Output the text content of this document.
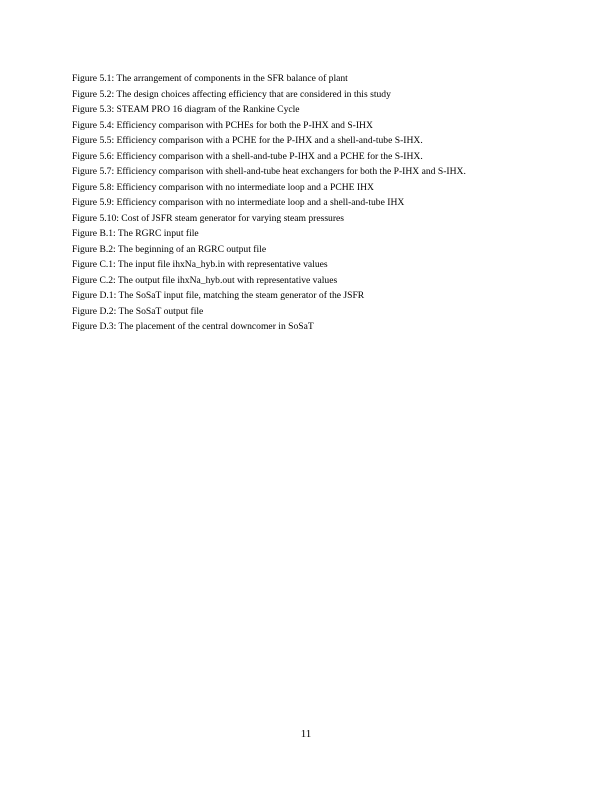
Figure 5.1: The arrangement of components in the SFR balance of plant
Figure 5.2: The design choices affecting efficiency that are considered in this study
Figure 5.3: STEAM PRO 16 diagram of the Rankine Cycle
Figure 5.4: Efficiency comparison with PCHEs for both the P-IHX and S-IHX
Figure 5.5: Efficiency comparison with a PCHE for the P-IHX and a shell-and-tube S-IHX.
Figure 5.6: Efficiency comparison with a shell-and-tube P-IHX and a PCHE for the S-IHX.
Figure 5.7: Efficiency comparison with shell-and-tube heat exchangers for both the P-IHX and S-IHX.
Figure 5.8: Efficiency comparison with no intermediate loop and a PCHE IHX
Figure 5.9: Efficiency comparison with no intermediate loop and a shell-and-tube IHX
Figure 5.10: Cost of JSFR steam generator for varying steam pressures
Figure B.1: The RGRC input file
Figure B.2: The beginning of an RGRC output file
Figure C.1: The input file ihxNa_hyb.in with representative values
Figure C.2: The output file ihxNa_hyb.out with representative values
Figure D.1: The SoSaT input file, matching the steam generator of the JSFR
Figure D.2: The SoSaT output file
Figure D.3: The placement of the central downcomer in SoSaT
11
